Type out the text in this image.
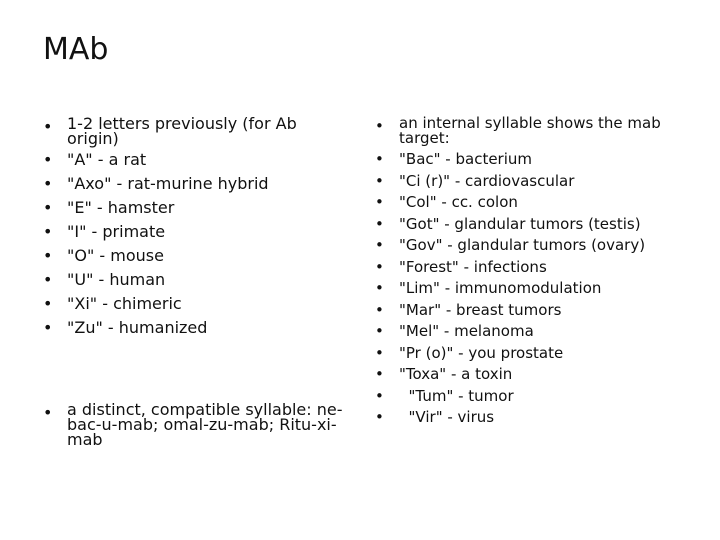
MAb
• 1-2 letters previously (for Ab origin)
• "A" - a rat
• "Axo" - rat-murine hybrid
• "E" - hamster
• "I" - primate
• "O" - mouse
• "U" - human
• "Xi" - chimeric
• "Zu" - humanized
• a distinct, compatible syllable: ne-bac-u-mab; omal-zu-mab; Ritu-xi-mab
• an internal syllable shows the mab target:
• "Bac" - bacterium
• "Ci (r)" - cardiovascular
• "Col" - cc. colon
• "Got" - glandular tumors (testis)
• "Gov" - glandular tumors (ovary)
• "Forest" - infections
• "Lim" - immunomodulation
• "Mar" - breast tumors
• "Mel" - melanoma
• "Pr (o)" - you prostate
• "Toxa" - a toxin
•   "Tum" - tumor
•   "Vir" - virus
